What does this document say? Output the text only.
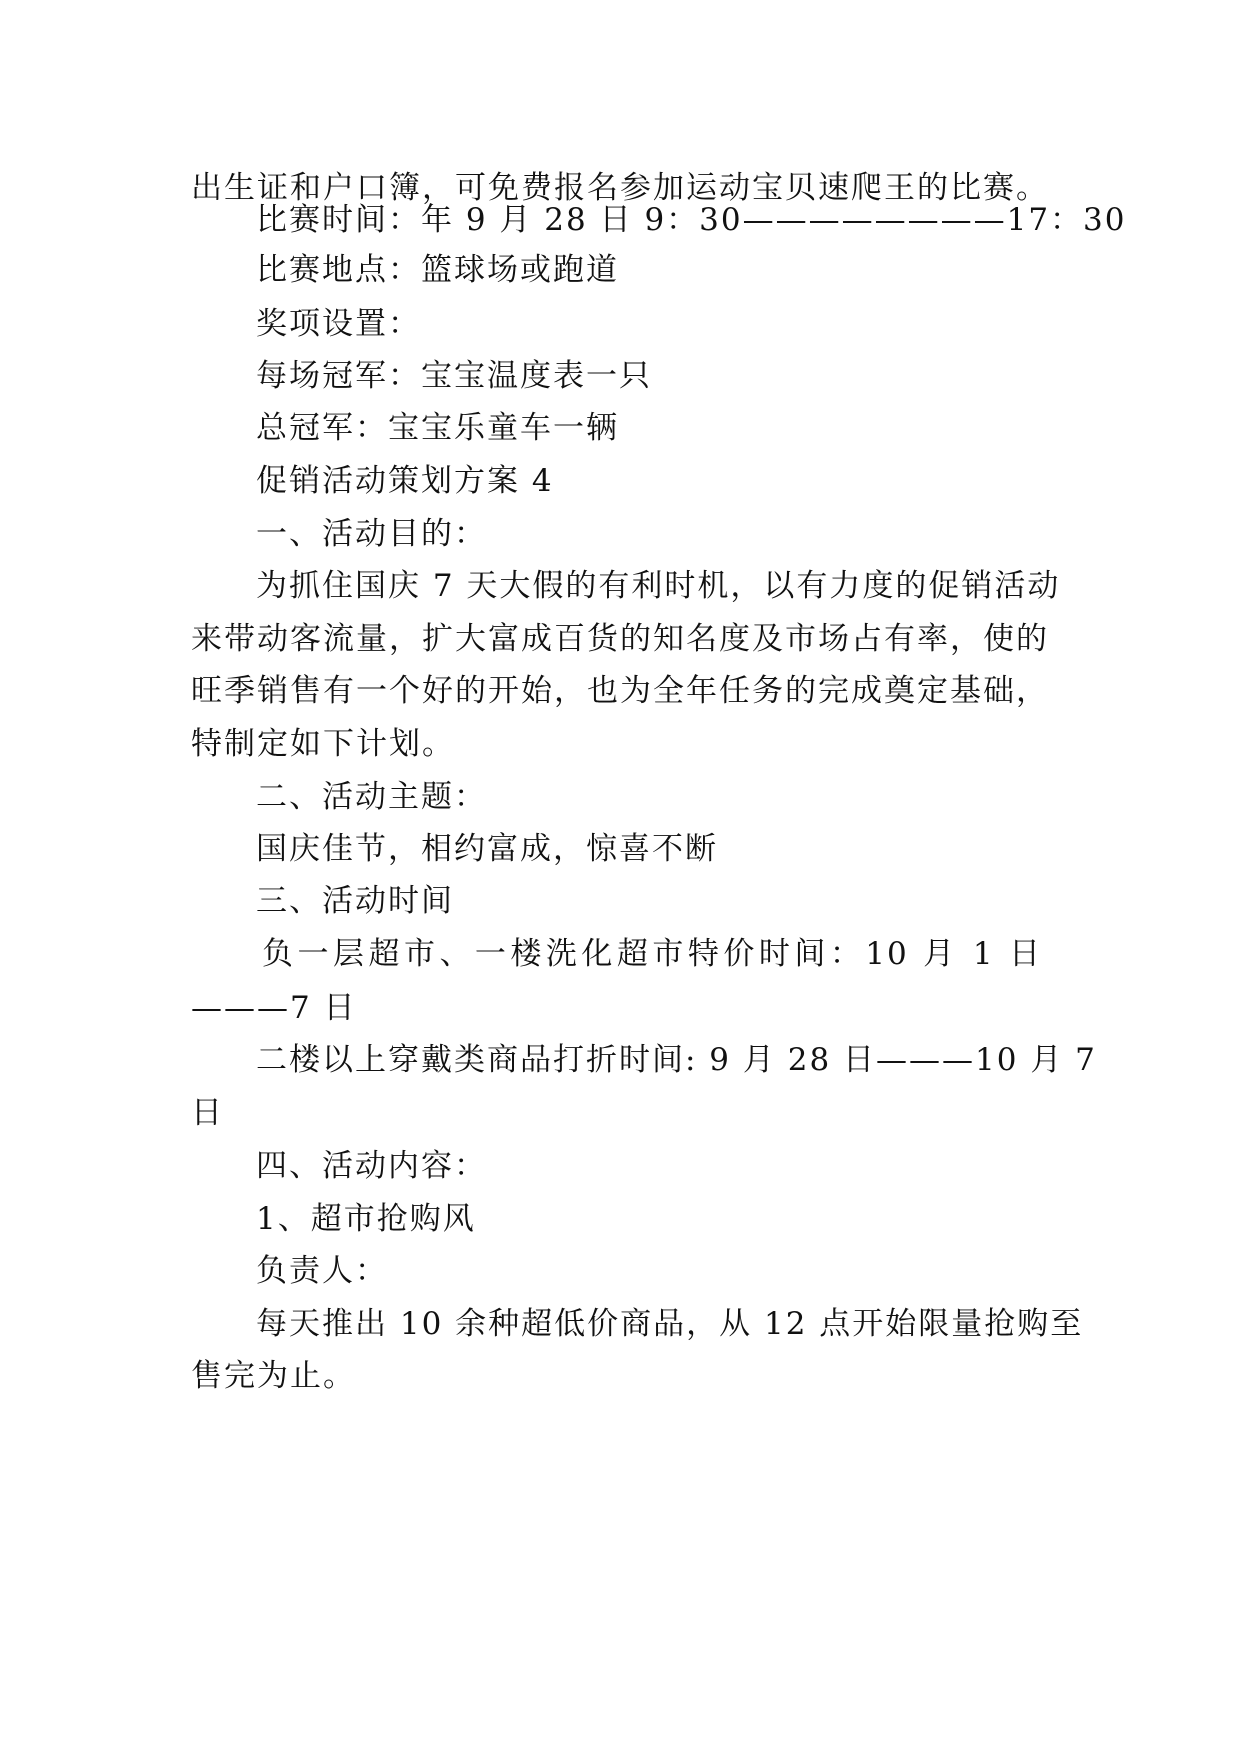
出生证和户口簿，可免费报名参加运动宝贝速爬王的比赛。
比赛时间：年 9 月 28 日 9：30————————17：30
比赛地点：篮球场或跑道
奖项设置：
每场冠军：宝宝温度表一只
总冠军：宝宝乐童车一辆
促销活动策划方案 4
一、活动目的：
为抓住国庆 7 天大假的有利时机，以有力度的促销活动
来带动客流量，扩大富成百货的知名度及市场占有率，使的
旺季销售有一个好的开始，也为全年任务的完成奠定基础，
特制定如下计划。
二、活动主题：
国庆佳节，相约富成，惊喜不断
三、活动时间
负一层超市、一楼洗化超市特价时间：10 月 1 日
———7 日
二楼以上穿戴类商品打折时间: 9 月 28 日———10 月 7
日
四、活动内容：
1、超市抢购风
负责人：
每天推出 10 余种超低价商品，从 12 点开始限量抢购至
售完为止。
